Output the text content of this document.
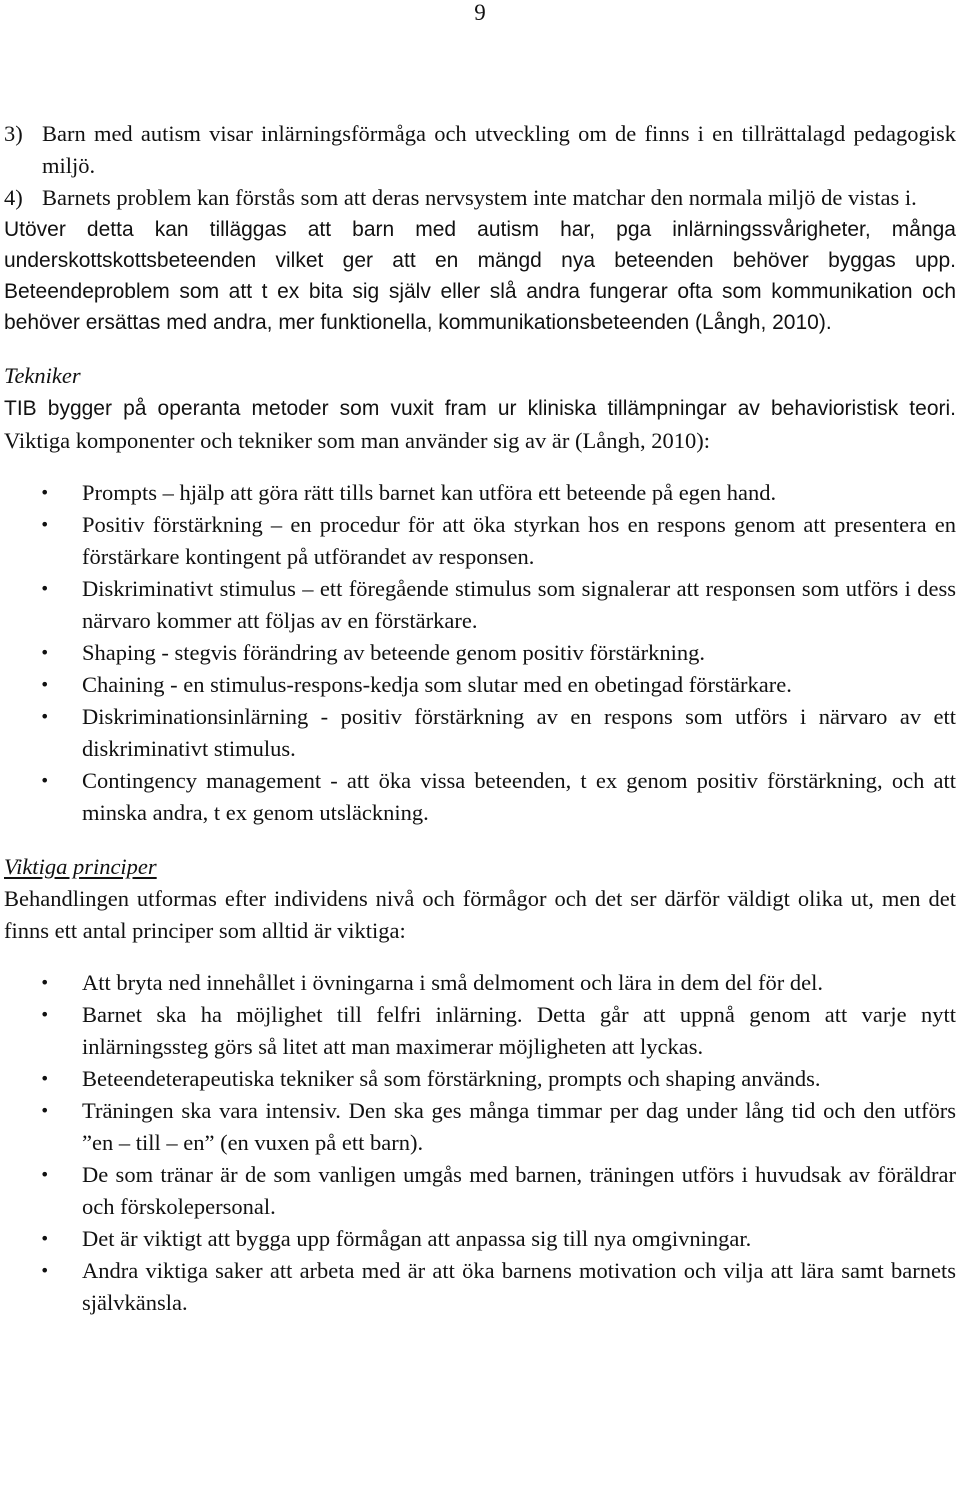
9
3) Barn med autism visar inlärningsförmåga och utveckling om de finns i en tillrättalagd pedagogisk miljö.
4) Barnets problem kan förstås som att deras nervsystem inte matchar den normala miljö de vistas i.

Utöver detta kan tilläggas att barn med autism har, pga inlärningssvårigheter, många underskottskottsbeteenden vilket ger att en mängd nya beteenden behöver byggas upp. Beteendeproblem som att t ex bita sig själv eller slå andra fungerar ofta som kommunikation och behöver ersättas med andra, mer funktionella, kommunikationsbeteenden (Långh, 2010).

Tekniker

TIB bygger på operanta metoder som vuxit fram ur kliniska tillämpningar av behavioristisk teori. Viktiga komponenter och tekniker som man använder sig av är (Långh, 2010):

• Prompts – hjälp att göra rätt tills barnet kan utföra ett beteende på egen hand.
• Positiv förstärkning – en procedur för att öka styrkan hos en respons genom att presentera en förstärkare kontingent på utförandet av responsen.
• Diskriminativt stimulus – ett föregående stimulus som signalerar att responsen som utförs i dess närvaro kommer att följas av en förstärkare.
• Shaping - stegvis förändring av beteende genom positiv förstärkning.
• Chaining - en stimulus-respons-kedja som slutar med en obetingad förstärkare.
• Diskriminationsinlärning - positiv förstärkning av en respons som utförs i närvaro av ett diskriminativt stimulus.
• Contingency management - att öka vissa beteenden, t ex genom positiv förstärkning, och att minska andra, t ex genom utsläckning.

Viktiga principer

Behandlingen utformas efter individens nivå och förmågor och det ser därför väldigt olika ut, men det finns ett antal principer som alltid är viktiga:

• Att bryta ned innehållet i övningarna i små delmoment och lära in dem del för del.
• Barnet ska ha möjlighet till felfri inlärning. Detta går att uppnå genom att varje nytt inlärningssteg görs så litet att man maximerar möjligheten att lyckas.
• Beteendeterapeutiska tekniker så som förstärkning, prompts och shaping används.
• Träningen ska vara intensiv. Den ska ges många timmar per dag under lång tid och den utförs ”en – till – en” (en vuxen på ett barn).
• De som tränar är de som vanligen umgås med barnen, träningen utförs i huvudsak av föräldrar och förskolepersonal.
• Det är viktigt att bygga upp förmågan att anpassa sig till nya omgivningar.
• Andra viktiga saker att arbeta med är att öka barnens motivation och vilja att lära samt barnets självkänsla.
